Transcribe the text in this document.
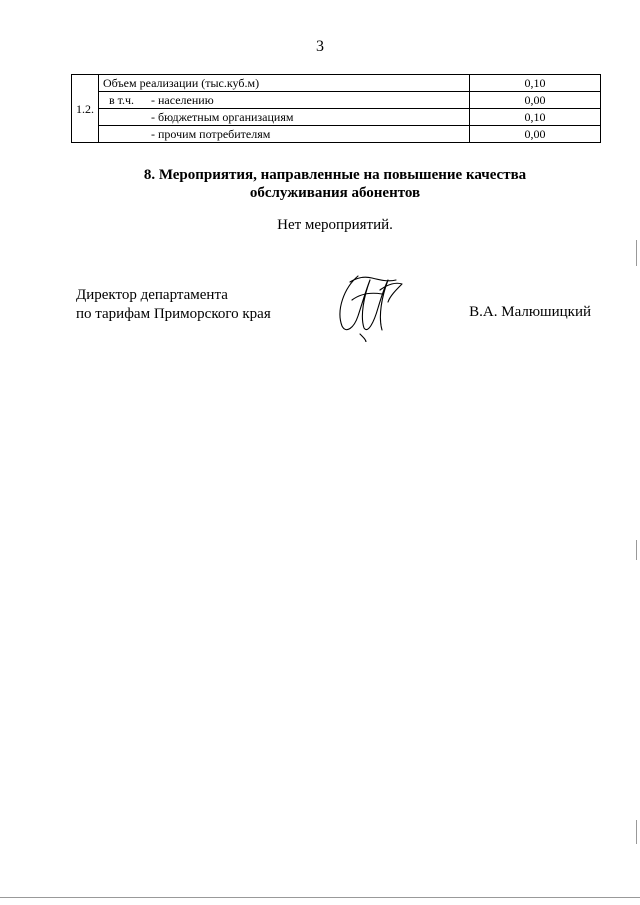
3
1.2.	Объем реализации (тыс.куб.м)	0,10
	в т.ч. - населению	0,00
	- бюджетным организациям	0,10
	- прочим потребителям	0,00
8. Мероприятия, направленные на повышение качества
обслуживания абонентов
Нет мероприятий.
Директор департамента
по тарифам Приморского края	В.А. Малюшицкий
